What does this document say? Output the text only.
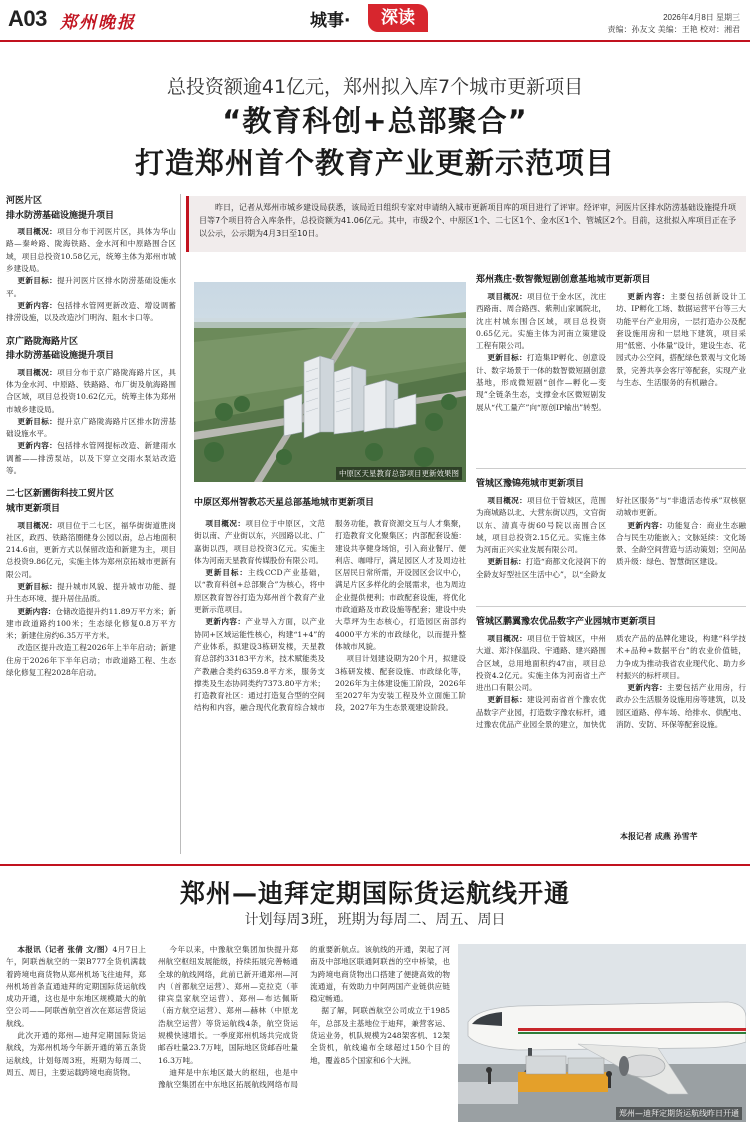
A03 郑州晚报	城事·	深读	2026年4月8日 星期三
责编：孙友文 美编：王艳 校对：湘君
总投资额逾41亿元，郑州拟入库7个城市更新项目
“教育科创+总部聚合”
打造郑州首个教育产业更新示范项目
河医片区
排水防涝基础设施提升项目

项目概况：项目分布于河医片区，具体为华山路—秦岭路、陇海铁路、金水河和中原路围合区域，项目总投资10.58亿元，统筹主体为郑州市城乡建设局。

更新目标：提升河医片区排水防涝基础设施水平。

更新内容：包括排水管网更新改造、增设调蓄排涝设施，以及改造沙门明沟、阻水卡口等。

京广路陇海路片区
排水防涝基础设施提升项目

项目概况：项目分布于京广路陇海路片区，具体为金水河、中原路、铁路路、布厂街及航海路围合区域，项目总投资10.62亿元，统筹主体为郑州市城乡建设局。

更新目标：提升京广路陇海路片区排水防涝基础设施水平。

更新内容：包括排水管网提标改造、新建雨水调蓄——排涝泵站，以及下穿立交雨水泵站改造等。

二七区新圃街科技工贸片区
城市更新项目

项目概况：项目位于二七区，福华街街道胜岗社区，政西、铁路箔圈健身公园以南，总占地面积214.6亩，更新方式以保留改造和新建为主，项目总投资9.86亿元，实施主体为郑州京拓城市更新有限公司。

更新目标：提升城市风貌、提升城市功能、提升生态环境、提升居住品质。

更新内容：仓储改造提升约11.89万平方米；新建市政道路约100米；生态绿化修复0.8万平方米；新建住房约6.35万平方米。

改造区提升改造工程2026年上半年启动；新建住房于2026年下半年启动；市政道路工程、生态绿化修复工程2028年启动。

昨日，记者从郑州市城乡建设局获悉，该局近日组织专家对申请纳入城市更新项目库的项目进行了评审。经评审，河医片区排水防涝基础设施提升项目等7个项目符合入库条件，总投资额为41.06亿元。其中，市级2个、中原区1个、二七区1个、金水区1个、管城区2个。目前，这批拟入库项目正在予以公示，公示期为4月3日至10日。
中原区天星教育总部项目更新效果图
中原区郑州智教芯天星总部基地城市更新项目

项目概况：项目位于中原区，文范街以南、产业街以东，兴园路以北、广嘉街以西，项目总投资3亿元。实施主体为河南天星教育传媒股份有限公司。

更新目标：主线CCD产业基础，以“教育科创+总部聚合”为核心，将中原区教育智谷打造为郑州首个教育产业更新示范项目。

更新内容：产业导入方面，以产业协同+区域运能性核心，构建“1+4”的产业体系，拟建设3栋研发楼，天星教育总部约33183平方米，技术赋能类及产教融合类约6359.8平方米，服务支撑类及生态协同类约7373.80平方米；打造教育社区：通过打造复合型的空间结构和内容，融合现代化教育综合城市服务功能，教育资源交互与人才集聚，打造教育文化聚集区；内部配套设施：建设共享健身场馆，引入商业餐厅、便利店、咖啡厅，满足园区人才及周边社区居民日常所需，开设园区会议中心，满足片区多样化的会展需求，也为周边企业提供便利；市政配套设施，将优化市政道路及市政设施等配套；建设中央大草坪为生态核心，打造园区南部约4000平方米的市政绿化，以而提升整体城市风貌。

项目计划建设期为20个月，拟建设3栋研发楼、配套设施、市政绿化等，2026年为主体建设施工阶段，2026年至2027年为安装工程及外立面施工阶段，2027年为生态景观建设阶段。

郑州燕庄·数智微短剧创意基地城市更新项目

项目概况：项目位于金水区，沈庄西路南、周合路西、紫荆山家属院北，沈庄村城东围合区域，项目总投资0.65亿元。实施主体为河南立策建设工程有限公司。

更新目标：打造集IP孵化、创意设计、数字场景于一体的数智微短剧创意基地，形成微短剧“创作—孵化—变现”全链条生态，支撑金水区微短剧发展从“代工量产”向“原创IP输出”转型。

更新内容：主要包括创新设计工坊、IP孵化工场、数据运营平台等三大功能平台产业用房，一层打造办公及配套设施用房和一层地下建筑，项目采用“低密、小体量”设计，建设生态、花园式办公空间，搭配绿色景观与文化场景，完善共享会客厅等配套，实现产业与生态、生活服务的有机融合。

管城区豫锦苑城市更新项目

项目概况：项目位于管城区，范围为商城路以北、大营东街以西，文官街以东、清真寺街60号院以南围合区域，项目总投资2.15亿元。实施主体为河南正兴实业发展有限公司。

更新目标：打造“商都文化浸润下的全龄友好型社区生活中心”，以“全龄友好社区服务”与“非遗活态传承”双核驱动城市更新。

更新内容：功能复合：商业生态融合与民生功能嵌入；文脉延续：文化场景、全龄空间营造与活动策划；空间品质升级：绿色、智慧街区建设。

管城区鹏翼豫农优品数字产业园城市更新项目

项目概况：项目位于管城区，中州大道、郑汴保温段、宇通路、建兴路围合区域，总用地面积约47亩，项目总投资4.2亿元。实施主体为河南省土产进出口有限公司。

更新目标：建设河南省首个豫农优品数字产业园，打造数字豫农标杆，通过豫农优品产业园全景的建立，加快优质农产品的品牌化建设，构建“科学技术+品种+数据平台”的农业价值链，力争成为推动我省农业现代化、助力乡村振兴的标杆项目。

更新内容：主要包括产业用房，行政办公生活服务设施用房等建筑，以及园区道路、停车场、给排水、供配电、消防、安防、环保等配套设施。

本报记者 成燕 孙雪芊
郑州—迪拜定期国际货运航线开通
计划每周3班，班期为每周二、周五、周日

本报讯（记者 张倩 文/图）4月7日上午，阿联酋航空的一架B777全货机满载着跨境电商货物从郑州机场飞往迪拜，郑州机场首条直通迪拜的定期国际货运航线成功开通，这也是中东地区规模最大的航空公司——阿联酋航空首次在郑运营货运航线。

此次开通的郑州—迪拜定期国际货运航线，为郑州机场今年新开通的第五条货运航线，计划每周3班，班期为每周二、周五、周日，主要运载跨境电商货物。

今年以来，中豫航空集团加快提升郑州航空枢纽发展能级，持续拓展完善畅通全球的航线网络，此前已新开通郑州—河内（首都航空运营）、郑州—克拉克（菲律宾皇家航空运营）、郑州—布达佩斯（南方航空运营）、郑州—赫林（中原龙浩航空运营）等货运航线4条，航空货运规模快速增长。一季度郑州机场共完成货邮吞吐量23.7万吨，国际地区货邮吞吐量16.3万吨。

迪拜是中东地区最大的枢纽，也是中豫航空集团在中东地区拓展航线网络布局的重要新航点。该航线的开通，架起了河南及中部地区联通阿联酋的空中桥梁，也为跨境电商货物出口搭建了便捷高效的物流通道，有效助力中阿两国产业链供应链稳定畅通。

据了解，阿联酋航空公司成立于1985年，总部及主基地位于迪拜，兼营客运、货运业务，机队规模为248架客机、12架全货机，航线遍布全球超过150个目的地，覆盖85个国家和6个大洲。

郑州—迪拜定期货运航线昨日开通
